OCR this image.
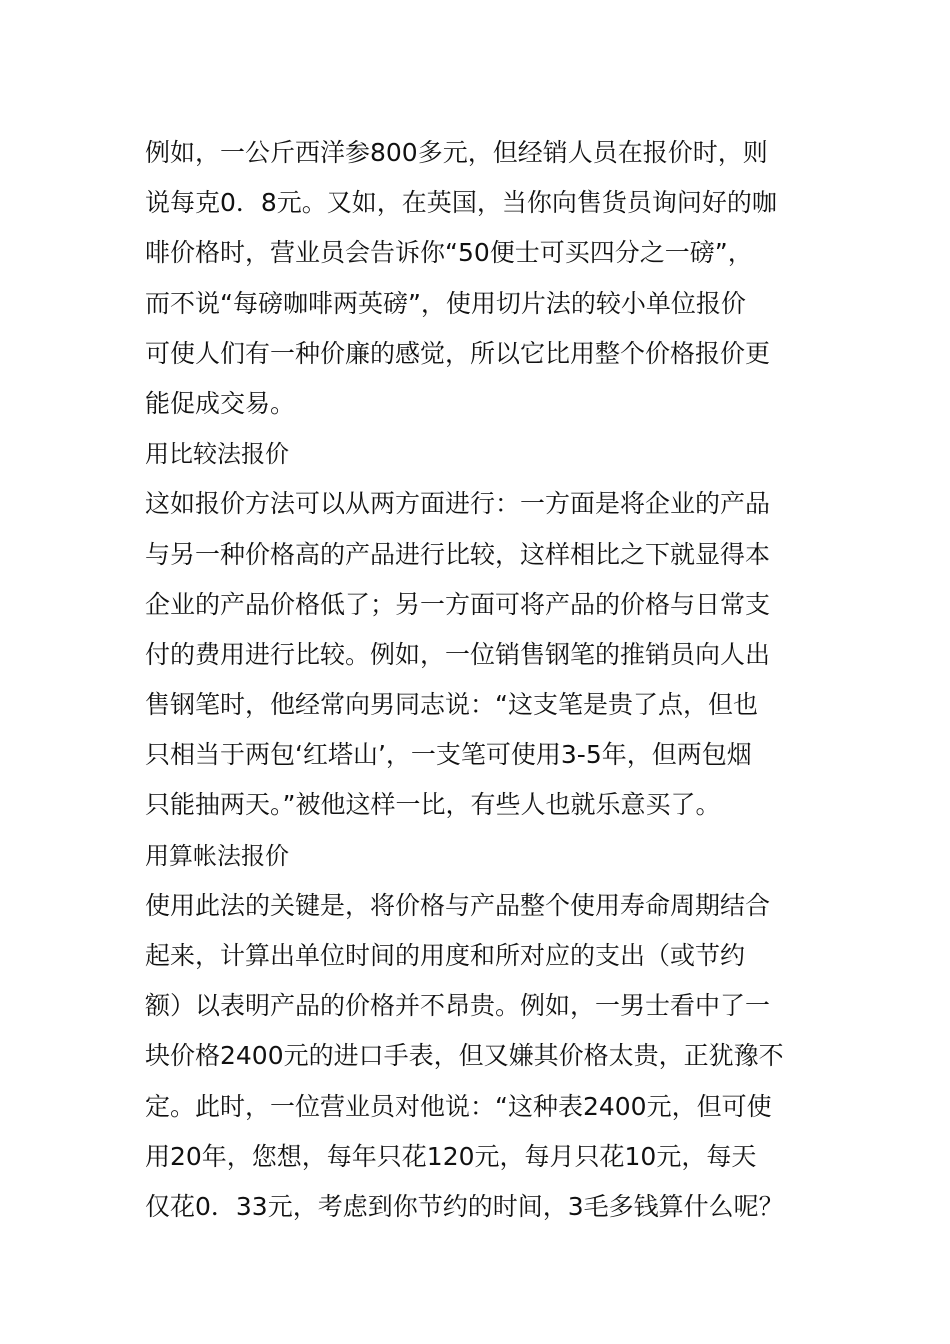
例如，一公斤西洋参800多元，但经销人员在报价时，则
说每克0．8元。又如，在英国，当你向售货员询问好的咖
啡价格时，营业员会告诉你“50便士可买四分之一磅”，
而不说“每磅咖啡两英磅”，使用切片法的较小单位报价
可使人们有一种价廉的感觉，所以它比用整个价格报价更
能促成交易。
用比较法报价
这如报价方法可以从两方面进行：一方面是将企业的产品
与另一种价格高的产品进行比较，这样相比之下就显得本
企业的产品价格低了；另一方面可将产品的价格与日常支
付的费用进行比较。例如，一位销售钢笔的推销员向人出
售钢笔时，他经常向男同志说：“这支笔是贵了点，但也
只相当于两包‘红塔山’，一支笔可使用3-5年，但两包烟
只能抽两天。”被他这样一比，有些人也就乐意买了。
用算帐法报价
使用此法的关键是，将价格与产品整个使用寿命周期结合
起来，计算出单位时间的用度和所对应的支出（或节约
额）以表明产品的价格并不昂贵。例如，一男士看中了一
块价格2400元的进口手表，但又嫌其价格太贵，正犹豫不
定。此时，一位营业员对他说：“这种表2400元，但可使
用20年，您想，每年只花120元，每月只花10元，每天
仅花0．33元，考虑到你节约的时间，3毛多钱算什么呢？
